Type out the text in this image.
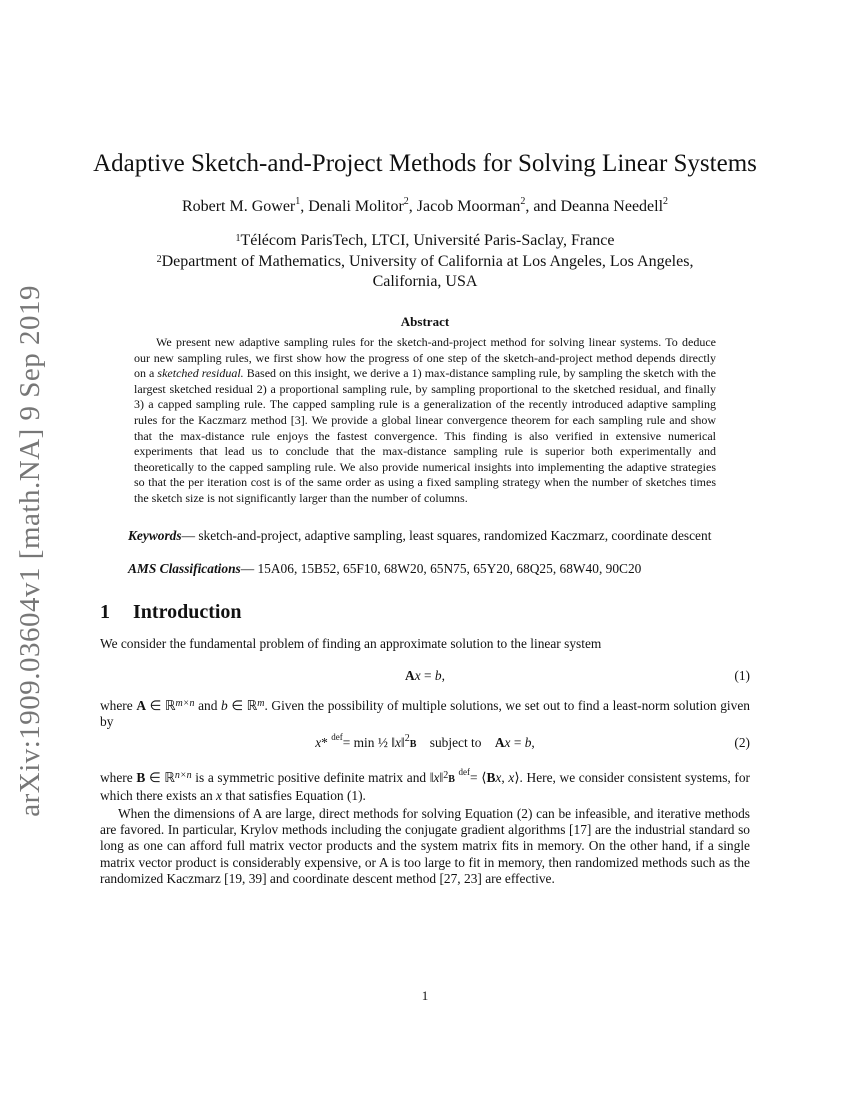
arXiv:1909.03604v1 [math.NA] 9 Sep 2019
Adaptive Sketch-and-Project Methods for Solving Linear Systems
Robert M. Gower$^1$, Denali Molitor$^2$, Jacob Moorman$^2$, and Deanna Needell$^2$
$^1$Télécom ParisTech, LTCI, Université Paris-Saclay, France
$^2$Department of Mathematics, University of California at Los Angeles, Los Angeles,
California, USA
Abstract
We present new adaptive sampling rules for the sketch-and-project method for solving linear systems. To deduce our new sampling rules, we first show how the progress of one step of the sketch-and-project method depends directly on a sketched residual. Based on this insight, we derive a 1) max-distance sampling rule, by sampling the sketch with the largest sketched residual 2) a proportional sampling rule, by sampling proportional to the sketched residual, and finally 3) a capped sampling rule. The capped sampling rule is a generalization of the recently introduced adaptive sampling rules for the Kaczmarz method [3]. We provide a global linear convergence theorem for each sampling rule and show that the max-distance rule enjoys the fastest convergence. This finding is also verified in extensive numerical experiments that lead us to conclude that the max-distance sampling rule is superior both experimentally and theoretically to the capped sampling rule. We also provide numerical insights into implementing the adaptive strategies so that the per iteration cost is of the same order as using a fixed sampling strategy when the number of sketches times the sketch size is not significantly larger than the number of columns.
Keywords— sketch-and-project, adaptive sampling, least squares, randomized Kaczmarz, coordinate descent
AMS Classifications— 15A06, 15B52, 65F10, 68W20, 65N75, 65Y20, 68Q25, 68W40, 90C20
1 Introduction
We consider the fundamental problem of finding an approximate solution to the linear system
Ax = b,	(1)
where A ∈ ℝ$^{m\times n}$ and b ∈ ℝ$^m$. Given the possibility of multiple solutions, we set out to find a least-norm solution given by
x* $^{def}$= min ½ ‖x‖$^2$B subject to Ax = b,	(2)
where B ∈ ℝ$^{n\times n}$ is a symmetric positive definite matrix and ‖x‖$^2$B $^{def}$= ⟨Bx, x⟩. Here, we consider consistent systems, for which there exists an x that satisfies Equation (1).
When the dimensions of A are large, direct methods for solving Equation (2) can be infeasible, and iterative methods are favored. In particular, Krylov methods including the conjugate gradient algorithms [17] are the industrial standard so long as one can afford full matrix vector products and the system matrix fits in memory. On the other hand, if a single matrix vector product is considerably expensive, or A is too large to fit in memory, then randomized methods such as the randomized Kaczmarz [19, 39] and coordinate descent method [27, 23] are effective.
1
